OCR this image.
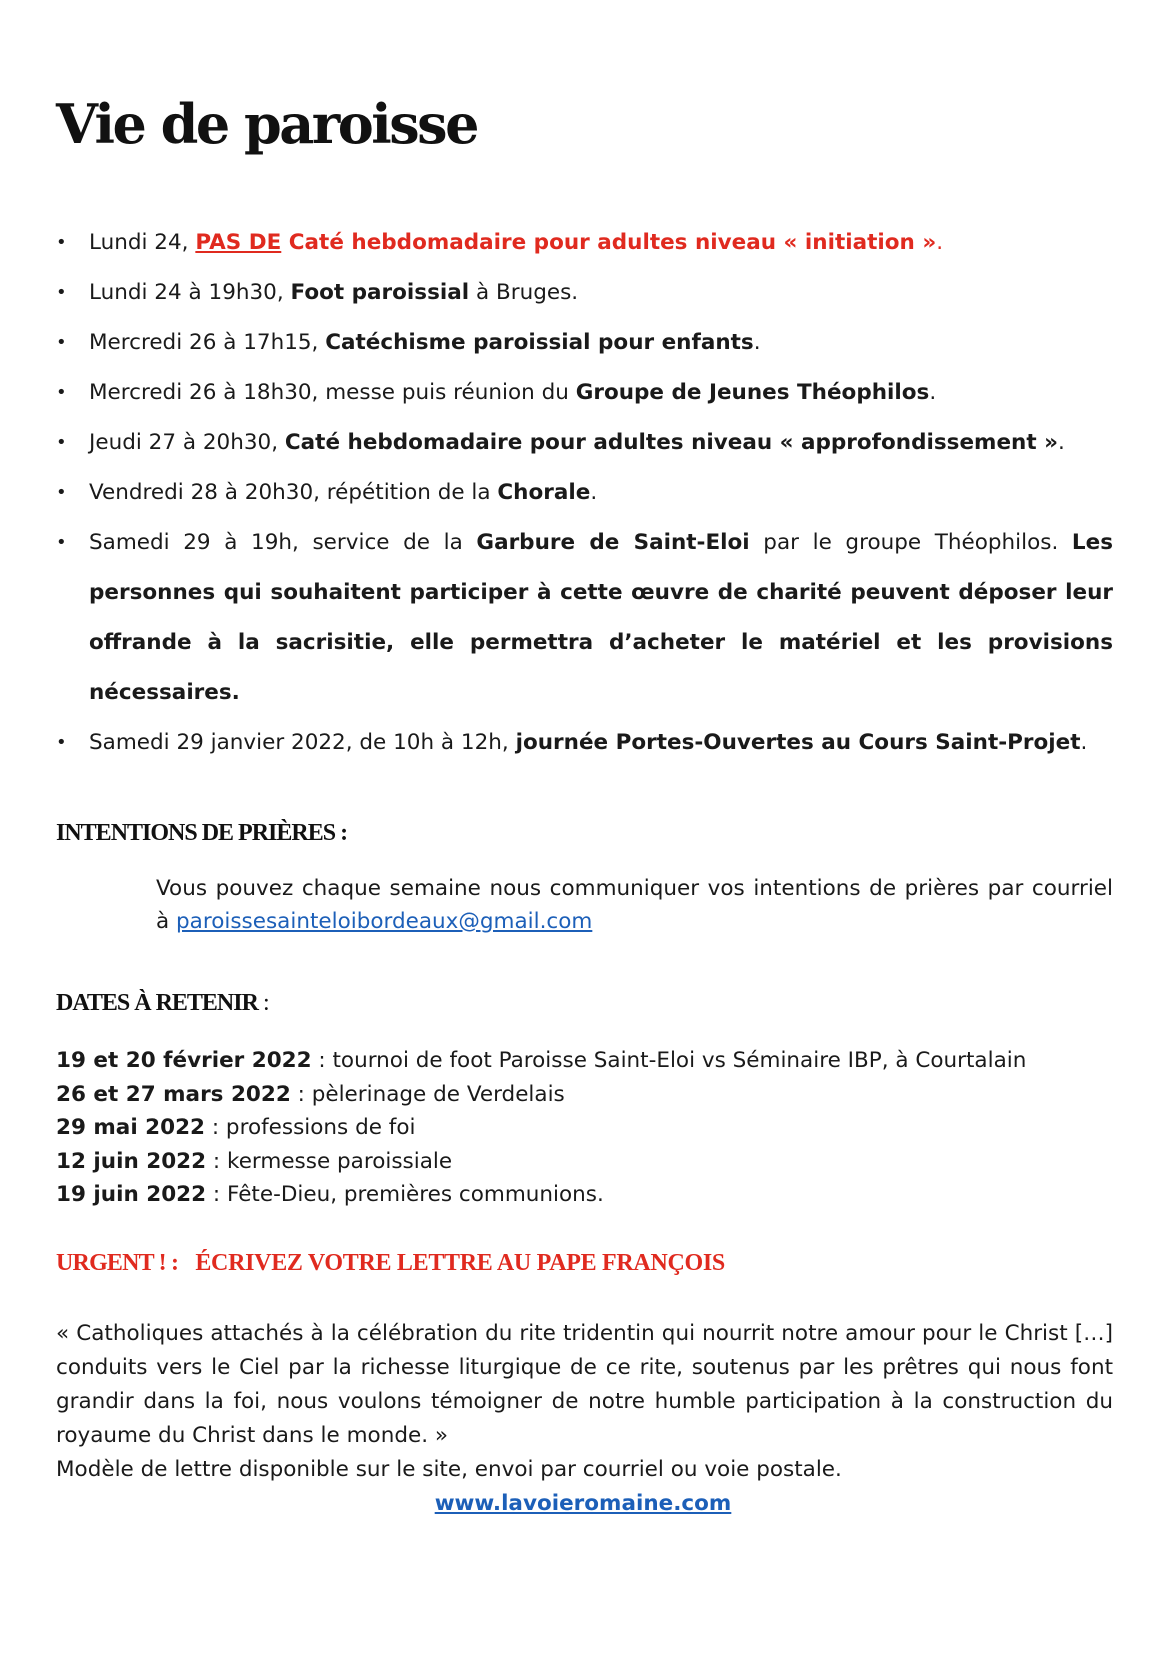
Vie de paroisse
• Lundi 24, PAS DE Caté hebdomadaire pour adultes niveau « initiation ».
• Lundi 24 à 19h30, Foot paroissial à Bruges.
• Mercredi 26 à 17h15, Catéchisme paroissial pour enfants.
• Mercredi 26 à 18h30, messe puis réunion du Groupe de Jeunes Théophilos.
• Jeudi 27 à 20h30, Caté hebdomadaire pour adultes niveau « approfondissement ».
• Vendredi 28 à 20h30, répétition de la Chorale.
• Samedi 29 à 19h, service de la Garbure de Saint-Eloi par le groupe Théophilos. Les personnes qui souhaitent participer à cette œuvre de charité peuvent déposer leur offrande à la sacrisitie, elle permettra d’acheter le matériel et les provisions nécessaires.
• Samedi 29 janvier 2022, de 10h à 12h, journée Portes-Ouvertes au Cours Saint-Projet.
INTENTIONS DE PRIÈRES :

Vous pouvez chaque semaine nous communiquer vos intentions de prières par courriel à paroissesainteloibordeaux@gmail.com

DATES À RETENIR :
19 et 20 février 2022 : tournoi de foot Paroisse Saint-Eloi vs Séminaire IBP, à Courtalain
26 et 27 mars 2022 : pèlerinage de Verdelais
29 mai 2022 : professions de foi
12 juin 2022 : kermesse paroissiale
19 juin 2022 : Fête-Dieu, premières communions.
URGENT ! : ÉCRIVEZ VOTRE LETTRE AU PAPE FRANÇOIS

« Catholiques attachés à la célébration du rite tridentin qui nourrit notre amour pour le Christ […] conduits vers le Ciel par la richesse liturgique de ce rite, soutenus par les prêtres qui nous font grandir dans la foi, nous voulons témoigner de notre humble participation à la construction du royaume du Christ dans le monde. »

Modèle de lettre disponible sur le site, envoi par courriel ou voie postale.

www.lavoieromaine.com
